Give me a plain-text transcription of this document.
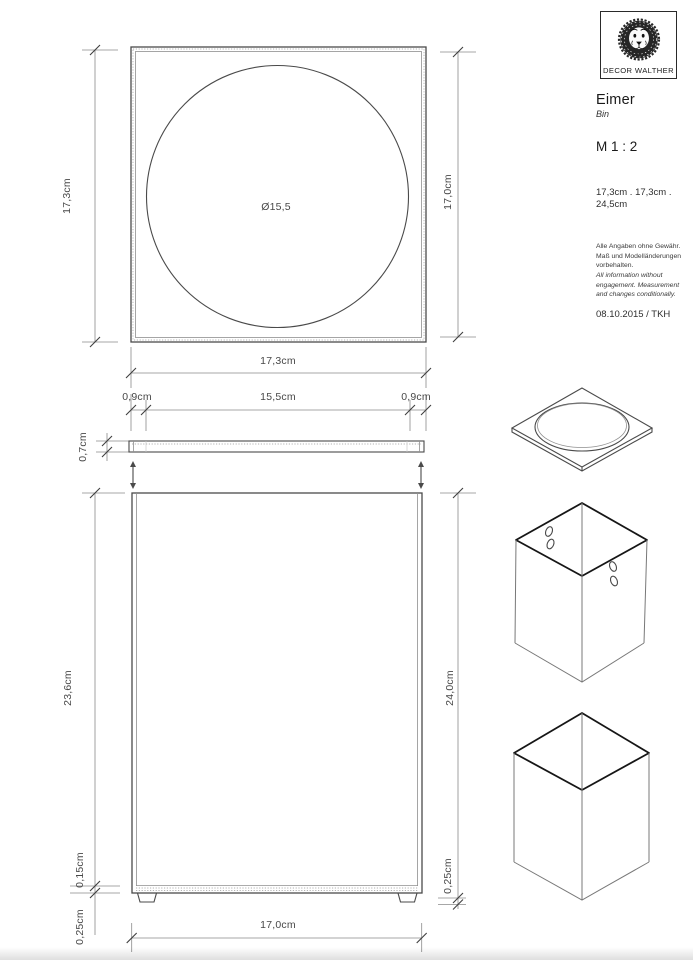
17,3cm	17,0cm
17,3cm
Ø15,5
0,9cm	15,5cm	0,9cm
0,7cm
23,6cm	24,0cm
0,15cm
0,25cm
0,25cm
17,0cm
DECOR WALTHER
Eimer
Bin
M 1 : 2
17,3cm . 17,3cm . 24,5cm
Alle Angaben ohne Gewähr. Maß und Modelländerungen vorbehalten.
All information without engagement. Measurement and changes conditionally.
08.10.2015 / TKH
